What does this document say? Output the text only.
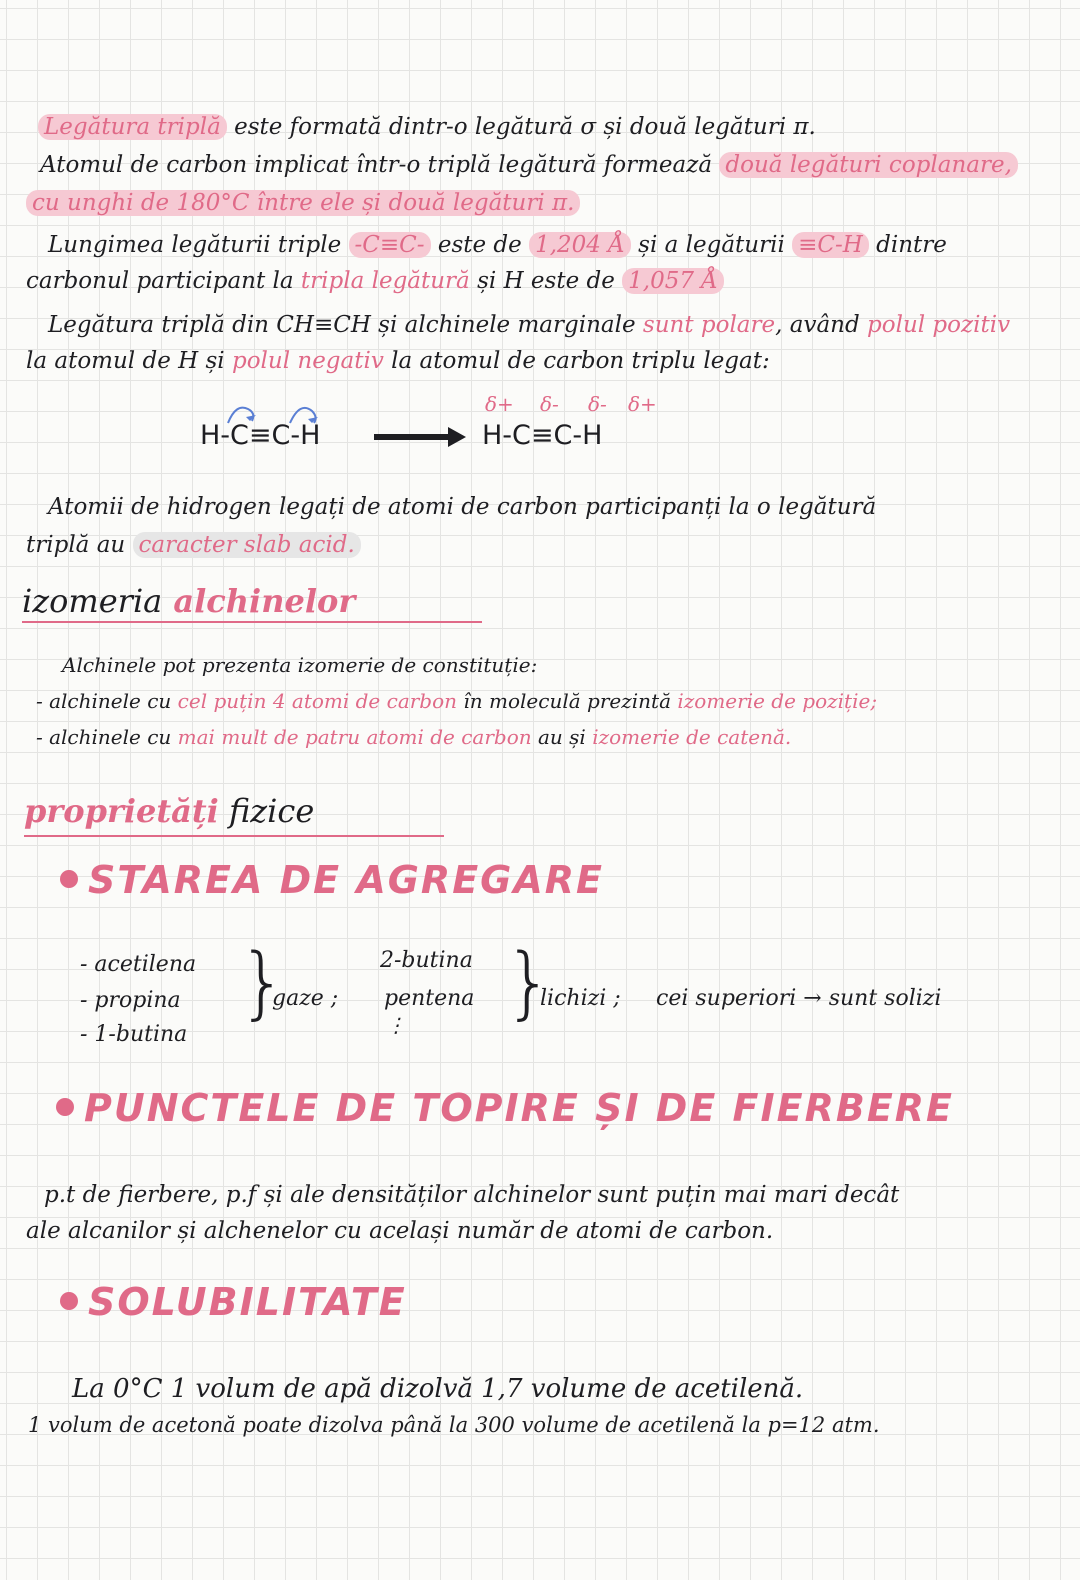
Legătura triplă este formată dintr-o legătură σ și două legături π.
Atomul de carbon implicat într-o triplă legătură formează două legături coplanare,
cu unghi de 180°C între ele și două legături π.
Lungimea legăturii triple -C≡C- este de 1,204 Å și a legăturii ≡C-H dintre
carbonul participant la tripla legătură și H este de 1,057 Å
Legătura triplă din CH≡CH și alchinele marginale sunt polare, având polul pozitiv
la atomul de H și polul negativ la atomul de carbon triplu legat:
H-C≡C-H	H-C≡C-H
δ+ δ- δ- δ+
Atomii de hidrogen legați de atomi de carbon participanți la o legătură
triplă au caracter slab acid.
izomeria alchinelor
Alchinele pot prezenta izomerie de constituție:
- alchinele cu cel puțin 4 atomi de carbon în moleculă prezintă izomerie de poziție;
- alchinele cu mai mult de patru atomi de carbon au și izomerie de catenă.
proprietăți fizice
STAREA DE AGREGARE
- acetilena
- propina
- 1-butina
}
gaze ;
2-butina
pentena
⋮ }
lichizi ; cei superiori → sunt solizi
PUNCTELE DE TOPIRE ȘI DE FIERBERE
p.t de fierbere, p.f și ale densităților alchinelor sunt puțin mai mari decât
ale alcanilor și alchenelor cu același număr de atomi de carbon.
SOLUBILITATE
La 0°C 1 volum de apă dizolvă 1,7 volume de acetilenă.
1 volum de acetonă poate dizolva până la 300 volume de acetilenă la p=12 atm.
